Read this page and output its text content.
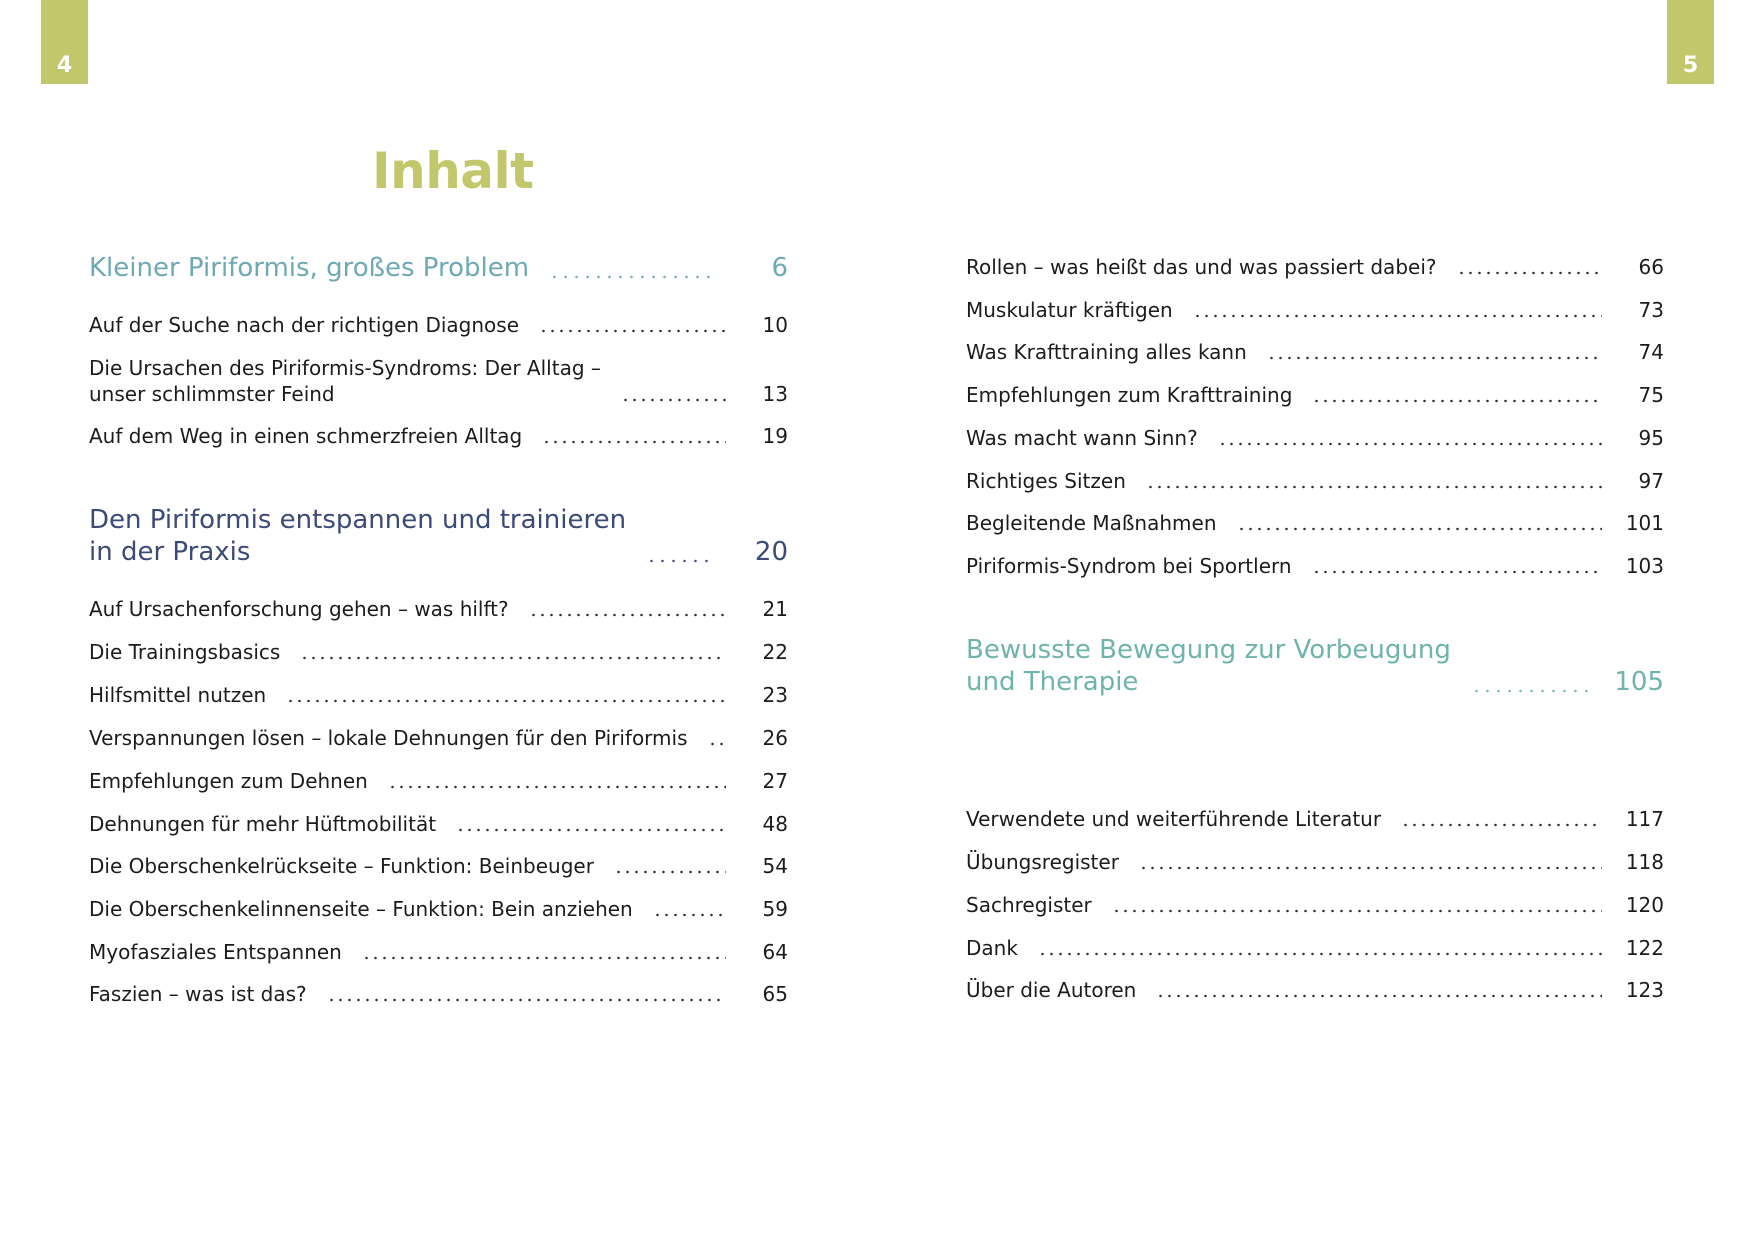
4	5
Inhalt
Kleiner Piriformis, großes Problem	6
Auf der Suche nach der richtigen Diagnose	10
Die Ursachen des Piriformis-Syndroms: Der Alltag –
unser schlimmster Feind	13
Auf dem Weg in einen schmerzfreien Alltag	19
Den Piriformis entspannen und trainieren
in der Praxis	20
Auf Ursachenforschung gehen – was hilft?	21
Die Trainingsbasics	22
Hilfsmittel nutzen	23
Verspannungen lösen – lokale Dehnungen für den Piriformis	26
Empfehlungen zum Dehnen	27
Dehnungen für mehr Hüftmobilität	48
Die Oberschenkelrückseite – Funktion: Beinbeuger	54
Die Oberschenkelinnenseite – Funktion: Bein anziehen	59
Myofasziales Entspannen	64
Faszien – was ist das?	65
Rollen – was heißt das und was passiert dabei?	66
Muskulatur kräftigen	73
Was Krafttraining alles kann	74
Empfehlungen zum Krafttraining	75
Was macht wann Sinn?	95
Richtiges Sitzen	97
Begleitende Maßnahmen	101
Piriformis-Syndrom bei Sportlern	103
Bewusste Bewegung zur Vorbeugung
und Therapie	105
Verwendete und weiterführende Literatur	117
Übungsregister	118
Sachregister	120
Dank	122
Über die Autoren	123
